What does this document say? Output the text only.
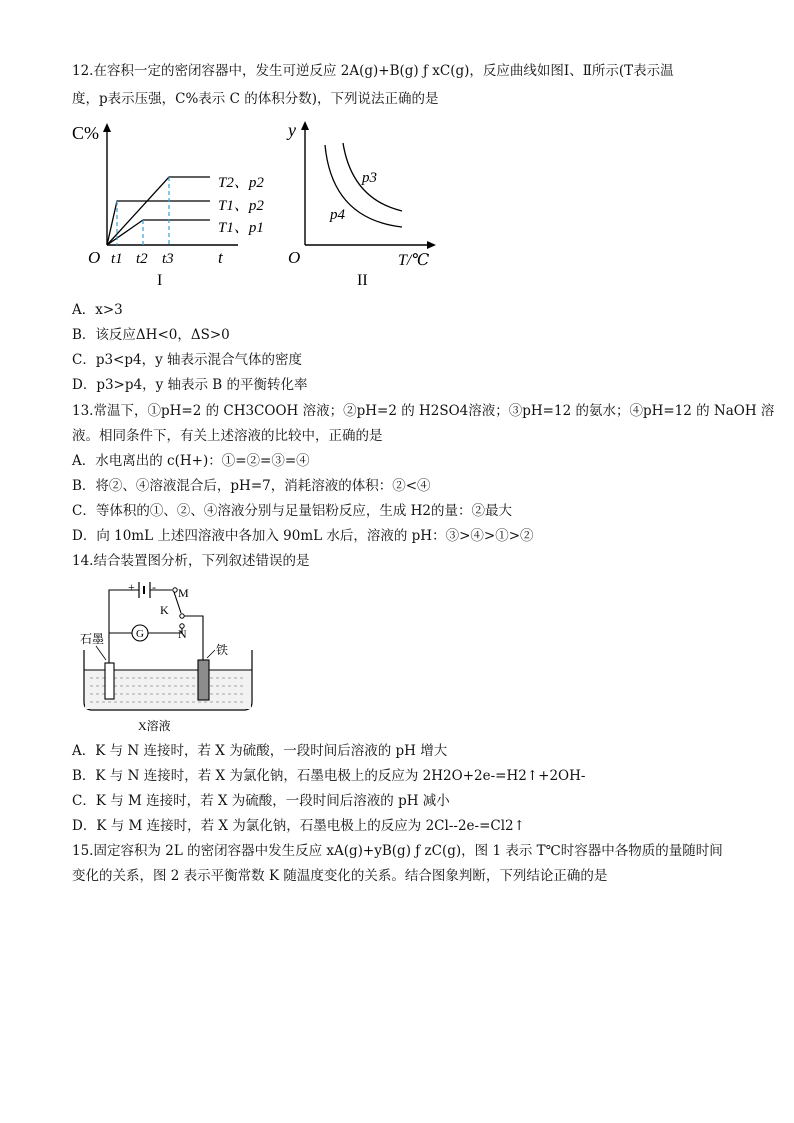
12.在容积一定的密闭容器中，发生可逆反应 2A(g)+B(g) ƒ xC(g)，反应曲线如图Ⅰ、Ⅱ所示(T表示温
度，p表示压强，C%表示 C 的体积分数)，下列说法正确的是
C%
O	t
t1 t2 t3
T2、p2
T1、p2
T1、p1
I
y
O	T/℃
p3
p4
II
A．x>3
B．该反应ΔH<0，ΔS>0
C．p3<p4，y 轴表示混合气体的密度
D．p3>p4，y 轴表示 B 的平衡转化率
13.常温下，①pH=2 的 CH3COOH 溶液；②pH=2 的 H2SO4溶液；③pH=12 的氨水；④pH=12 的 NaOH 溶
液。相同条件下，有关上述溶液的比较中，正确的是
A．水电离出的 c(H+)：①=②=③=④
B．将②、④溶液混合后，pH=7，消耗溶液的体积：②<④
C．等体积的①、②、④溶液分别与足量铝粉反应，生成 H2的量：②最大
D．向 10mL 上述四溶液中各加入 90mL 水后，溶液的 pH：③>④>①>②
14.结合装置图分析，下列叙述错误的是
+ - M
K
N
G
石墨
铁
X溶液
A．K 与 N 连接时，若 X 为硫酸，一段时间后溶液的 pH 增大
B．K 与 N 连接时，若 X 为氯化钠，石墨电极上的反应为 2H2O+2e-=H2↑+2OH-
C．K 与 M 连接时，若 X 为硫酸，一段时间后溶液的 pH 减小
D．K 与 M 连接时，若 X 为氯化钠，石墨电极上的反应为 2Cl--2e-=Cl2↑
15.固定容积为 2L 的密闭容器中发生反应 xA(g)+yB(g) ƒ zC(g)，图 1 表示 T℃时容器中各物质的量随时间
变化的关系，图 2 表示平衡常数 K 随温度变化的关系。结合图象判断，下列结论正确的是
